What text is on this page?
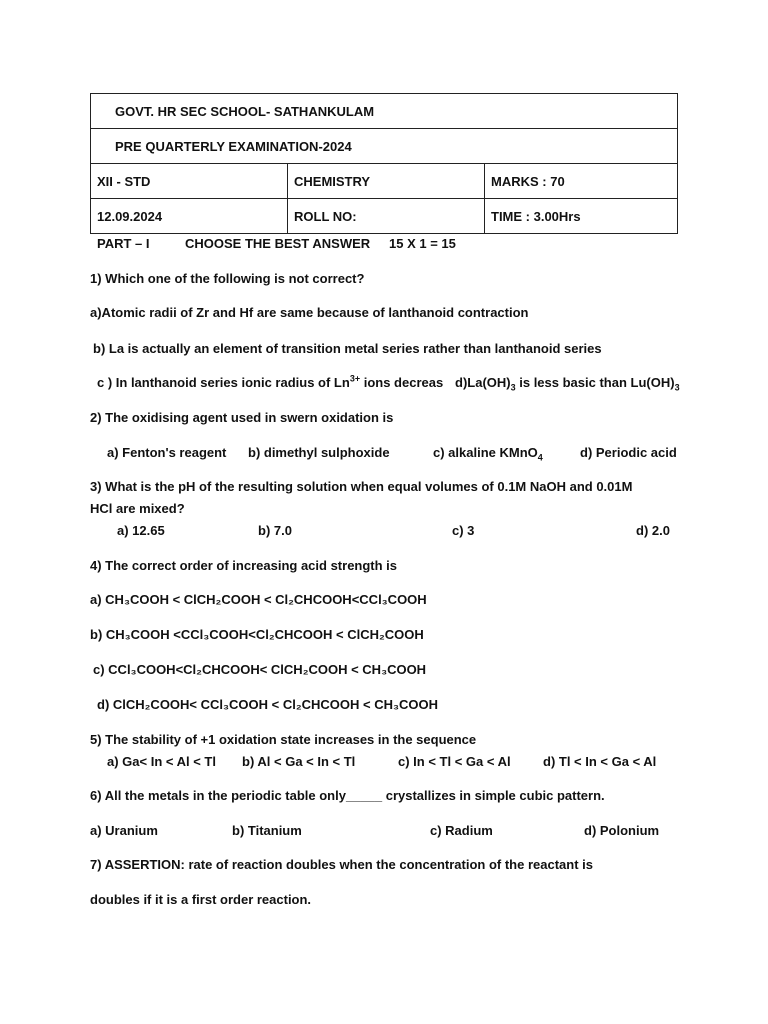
GOVT. HR SEC SCHOOL- SATHANKULAM		
PRE QUARTERLY EXAMINATION-2024		
XII - STD	CHEMISTRY	MARKS : 70
12.09.2024	ROLL NO:	TIME : 3.00Hrs
PART – I	CHOOSE THE BEST ANSWER 15 X 1 = 15
1) Which one of the following is not correct?
a)Atomic radii of Zr and Hf are same because of lanthanoid contraction
b) La is actually an element of transition metal series rather than lanthanoid series
c ) In lanthanoid series ionic radius of $Ln^{3+}$ ions decreas $d)La(OH)_3$ is less basic than $Lu(OH)_3$
2) The oxidising agent used in swern oxidation is
a) Fenton's reagent b) dimethyl sulphoxide	c) alkaline KMnO$_4$	d) Periodic acid
3) What is the pH of the resulting solution when equal volumes of 0.1M NaOH and 0.01M
HCl are mixed?
a) 12.65	b) 7.0	c) 3	d) 2.0
4) The correct order of increasing acid strength is
a) CH₃COOH < ClCH₂COOH < Cl₂CHCOOH<CCl₃COOH
b) CH₃COOH <CCl₃COOH<Cl₂CHCOOH < ClCH₂COOH
c) CCl₃COOH<Cl₂CHCOOH< ClCH₂COOH < CH₃COOH
d) ClCH₂COOH< CCl₃COOH < Cl₂CHCOOH < CH₃COOH
5) The stability of +1 oxidation state increases in the sequence
a) Ga< In < Al < Tl b) Al < Ga < In < Tl	c) In < Tl < Ga < Al d) Tl < In < Ga < Al
6) All the metals in the periodic table only_____ crystallizes in simple cubic pattern.
a) Uranium	b) Titanium	c) Radium	d) Polonium
7) ASSERTION: rate of reaction doubles when the concentration of the reactant is
doubles if it is a first order reaction.
